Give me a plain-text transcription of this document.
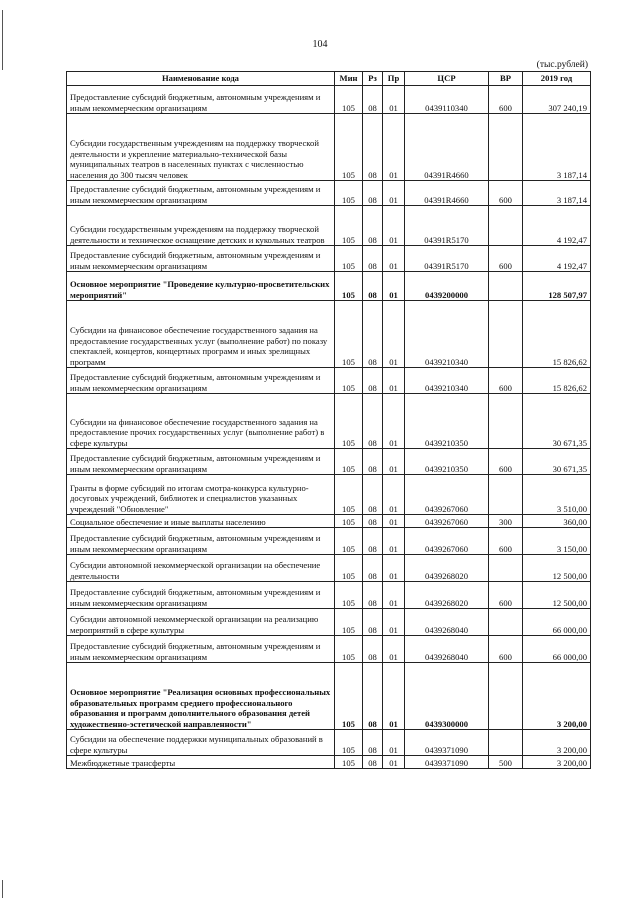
104
(тыс.рублей)
Наименование кода	Мин	Рз	Пр	ЦСР	ВР	2019 год
Предоставление субсидий бюджетным, автономным учреждениям и иным некоммерческим организациям	105	08	01	0439110340	600	307 240,19
Субсидии государственным учреждениям на поддержку творческой деятельности и укрепление материально-технической базы муниципальных театров в населенных пунктах с численностью населения до 300 тысяч человек	105	08	01	04391R4660		3 187,14
Предоставление субсидий бюджетным, автономным учреждениям и иным некоммерческим организациям	105	08	01	04391R4660	600	3 187,14
Субсидии государственным учреждениям на поддержку творческой деятельности и техническое оснащение детских и кукольных театров	105	08	01	04391R5170		4 192,47
Предоставление субсидий бюджетным, автономным учреждениям и иным некоммерческим организациям	105	08	01	04391R5170	600	4 192,47
Основное мероприятие "Проведение культурно-просветительских мероприятий"	105	08	01	0439200000		128 507,97
Субсидии на финансовое обеспечение государственного задания на предоставление государственных услуг (выполнение работ) по показу спектаклей, концертов, концертных программ и иных зрелищных программ	105	08	01	0439210340		15 826,62
Предоставление субсидий бюджетным, автономным учреждениям и иным некоммерческим организациям	105	08	01	0439210340	600	15 826,62
Субсидии на финансовое обеспечение государственного задания на предоставление прочих государственных услуг (выполнение работ) в сфере культуры	105	08	01	0439210350		30 671,35
Предоставление субсидий бюджетным, автономным учреждениям и иным некоммерческим организациям	105	08	01	0439210350	600	30 671,35
Гранты в форме субсидий по итогам смотра-конкурса культурно-досуговых учреждений, библиотек и специалистов указанных учреждений "Обновление"	105	08	01	0439267060		3 510,00
Социальное обеспечение и иные выплаты населению	105	08	01	0439267060	300	360,00
Предоставление субсидий бюджетным, автономным учреждениям и иным некоммерческим организациям	105	08	01	0439267060	600	3 150,00
Субсидии автономной некоммерческой организации на обеспечение деятельности	105	08	01	0439268020		12 500,00
Предоставление субсидий бюджетным, автономным учреждениям и иным некоммерческим организациям	105	08	01	0439268020	600	12 500,00
Субсидии автономной некоммерческой организации на реализацию мероприятий в сфере культуры	105	08	01	0439268040		66 000,00
Предоставление субсидий бюджетным, автономным учреждениям и иным некоммерческим организациям	105	08	01	0439268040	600	66 000,00
Основное мероприятие "Реализация основных профессиональных образовательных программ среднего профессионального образования и программ дополнительного образования детей художественно-эстетической направленности"	105	08	01	0439300000		3 200,00
Субсидии на обеспечение поддержки муниципальных образований в сфере культуры	105	08	01	0439371090		3 200,00
Межбюджетные трансферты	105	08	01	0439371090	500	3 200,00
